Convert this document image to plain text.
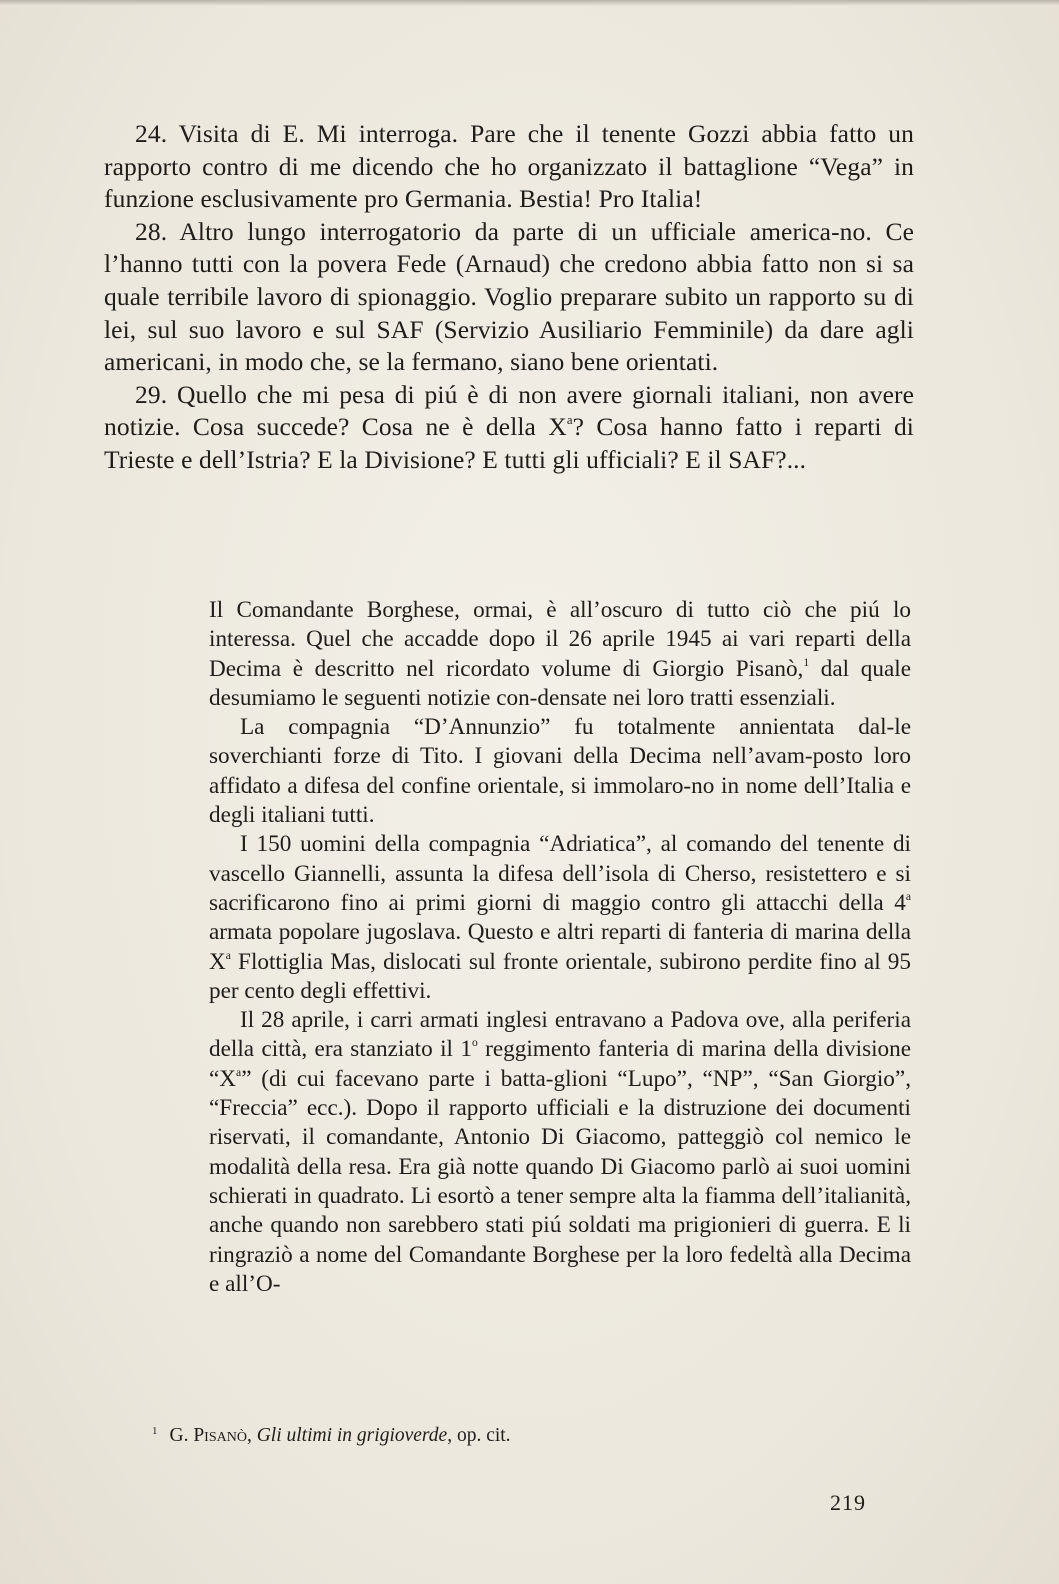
24. Visita di E. Mi interroga. Pare che il tenente Gozzi abbia fatto un rapporto contro di me dicendo che ho organizzato il battaglione “Vega” in funzione esclusivamente pro Germania. Bestia! Pro Italia!

28. Altro lungo interrogatorio da parte di un ufficiale america-no. Ce l’hanno tutti con la povera Fede (Arnaud) che credono abbia fatto non si sa quale terribile lavoro di spionaggio. Voglio preparare subito un rapporto su di lei, sul suo lavoro e sul SAF (Servizio Ausiliario Femminile) da dare agli americani, in modo che, se la fermano, siano bene orientati.

29. Quello che mi pesa di piú è di non avere giornali italiani, non avere notizie. Cosa succede? Cosa ne è della $X^a$? Cosa hanno fatto i reparti di Trieste e dell’Istria? E la Divisione? E tutti gli ufficiali? E il SAF?...

Il Comandante Borghese, ormai, è all’oscuro di tutto ciò che piú lo interessa. Quel che accadde dopo il 26 aprile 1945 ai vari reparti della Decima è descritto nel ricordato volume di Giorgio Pisanò,$^1$ dal quale desumiamo le seguenti notizie con-densate nei loro tratti essenziali.

La compagnia “D’Annunzio” fu totalmente annientata dal-le soverchianti forze di Tito. I giovani della Decima nell’avam-posto loro affidato a difesa del confine orientale, si immolaro-no in nome dell’Italia e degli italiani tutti.

I 150 uomini della compagnia “Adriatica”, al comando del tenente di vascello Giannelli, assunta la difesa dell’isola di Cherso, resistettero e si sacrificarono fino ai primi giorni di maggio contro gli attacchi della 4$^a$ armata popolare jugoslava. Questo e altri reparti di fanteria di marina della $X^a$ Flottiglia Mas, dislocati sul fronte orientale, subirono perdite fino al 95 per cento degli effettivi.

Il 28 aprile, i carri armati inglesi entravano a Padova ove, alla periferia della città, era stanziato il 1$^o$ reggimento fanteria di marina della divisione “$X^a$” (di cui facevano parte i batta-glioni “Lupo”, “NP”, “San Giorgio”, “Freccia” ecc.). Dopo il rapporto ufficiali e la distruzione dei documenti riservati, il comandante, Antonio Di Giacomo, patteggiò col nemico le modalità della resa. Era già notte quando Di Giacomo parlò ai suoi uomini schierati in quadrato. Li esortò a tener sempre alta la fiamma dell’italianità, anche quando non sarebbero stati piú soldati ma prigionieri di guerra. E li ringraziò a nome del Comandante Borghese per la loro fedeltà alla Decima e all’O-

$^1$ G. Pisanò, Gli ultimi in grigioverde, op. cit.
219
